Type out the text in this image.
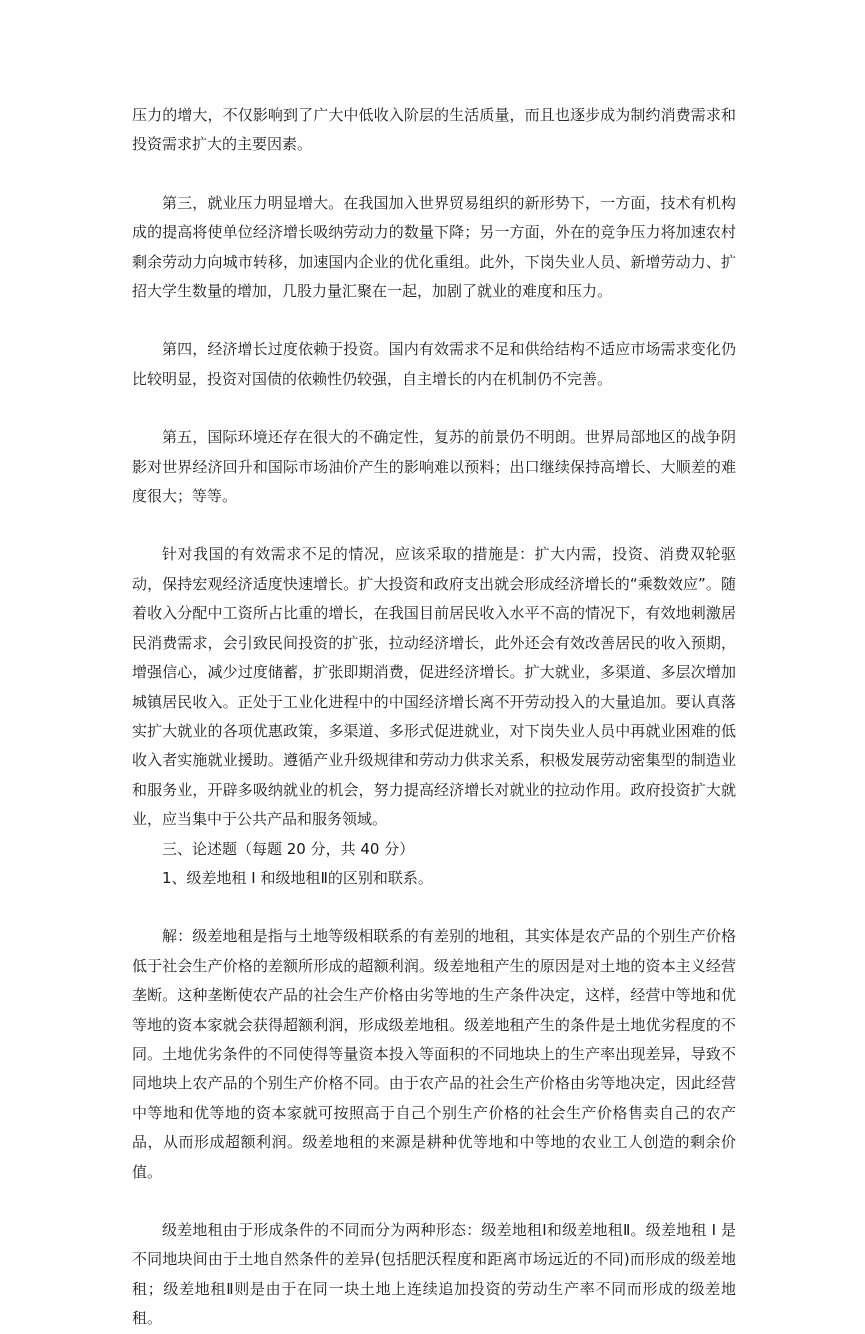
压力的增大，不仅影响到了广大中低收入阶层的生活质量，而且也逐步成为制约消费需求和投资需求扩大的主要因素。

第三，就业压力明显增大。在我国加入世界贸易组织的新形势下，一方面，技术有机构成的提高将使单位经济增长吸纳劳动力的数量下降；另一方面，外在的竞争压力将加速农村剩余劳动力向城市转移，加速国内企业的优化重组。此外，下岗失业人员、新增劳动力、扩招大学生数量的增加，几股力量汇聚在一起，加剧了就业的难度和压力。

第四，经济增长过度依赖于投资。国内有效需求不足和供给结构不适应市场需求变化仍比较明显，投资对国债的依赖性仍较强，自主增长的内在机制仍不完善。

第五，国际环境还存在很大的不确定性，复苏的前景仍不明朗。世界局部地区的战争阴影对世界经济回升和国际市场油价产生的影响难以预料；出口继续保持高增长、大顺差的难度很大；等等。

针对我国的有效需求不足的情况，应该采取的措施是：扩大内需，投资、消费双轮驱动，保持宏观经济适度快速增长。扩大投资和政府支出就会形成经济增长的“乘数效应”。随着收入分配中工资所占比重的增长，在我国目前居民收入水平不高的情况下，有效地刺激居民消费需求，会引致民间投资的扩张，拉动经济增长，此外还会有效改善居民的收入预期，增强信心，减少过度储蓄，扩张即期消费，促进经济增长。扩大就业，多渠道、多层次增加城镇居民收入。正处于工业化进程中的中国经济增长离不开劳动投入的大量追加。要认真落实扩大就业的各项优惠政策，多渠道、多形式促进就业，对下岗失业人员中再就业困难的低收入者实施就业援助。遵循产业升级规律和劳动力供求关系，积极发展劳动密集型的制造业和服务业，开辟多吸纳就业的机会，努力提高经济增长对就业的拉动作用。政府投资扩大就业，应当集中于公共产品和服务领域。

三、论述题（每题 20 分，共 40 分）

1、级差地租 I 和级地租Ⅱ的区别和联系。

解：级差地租是指与土地等级相联系的有差别的地租，其实体是农产品的个别生产价格低于社会生产价格的差额所形成的超额利润。级差地租产生的原因是对土地的资本主义经营垄断。这种垄断使农产品的社会生产价格由劣等地的生产条件决定，这样，经营中等地和优等地的资本家就会获得超额利润，形成级差地租。级差地租产生的条件是土地优劣程度的不同。土地优劣条件的不同使得等量资本投入等面积的不同地块上的生产率出现差异，导致不同地块上农产品的个别生产价格不同。由于农产品的社会生产价格由劣等地决定，因此经营中等地和优等地的资本家就可按照高于自己个别生产价格的社会生产价格售卖自己的农产品，从而形成超额利润。级差地租的来源是耕种优等地和中等地的农业工人创造的剩余价值。

级差地租由于形成条件的不同而分为两种形态：级差地租Ⅰ和级差地租Ⅱ。级差地租 I 是不同地块间由于土地自然条件的差异(包括肥沃程度和距离市场远近的不同)而形成的级差地租；级差地租Ⅱ则是由于在同一块土地上连续追加投资的劳动生产率不同而形成的级差地租。
